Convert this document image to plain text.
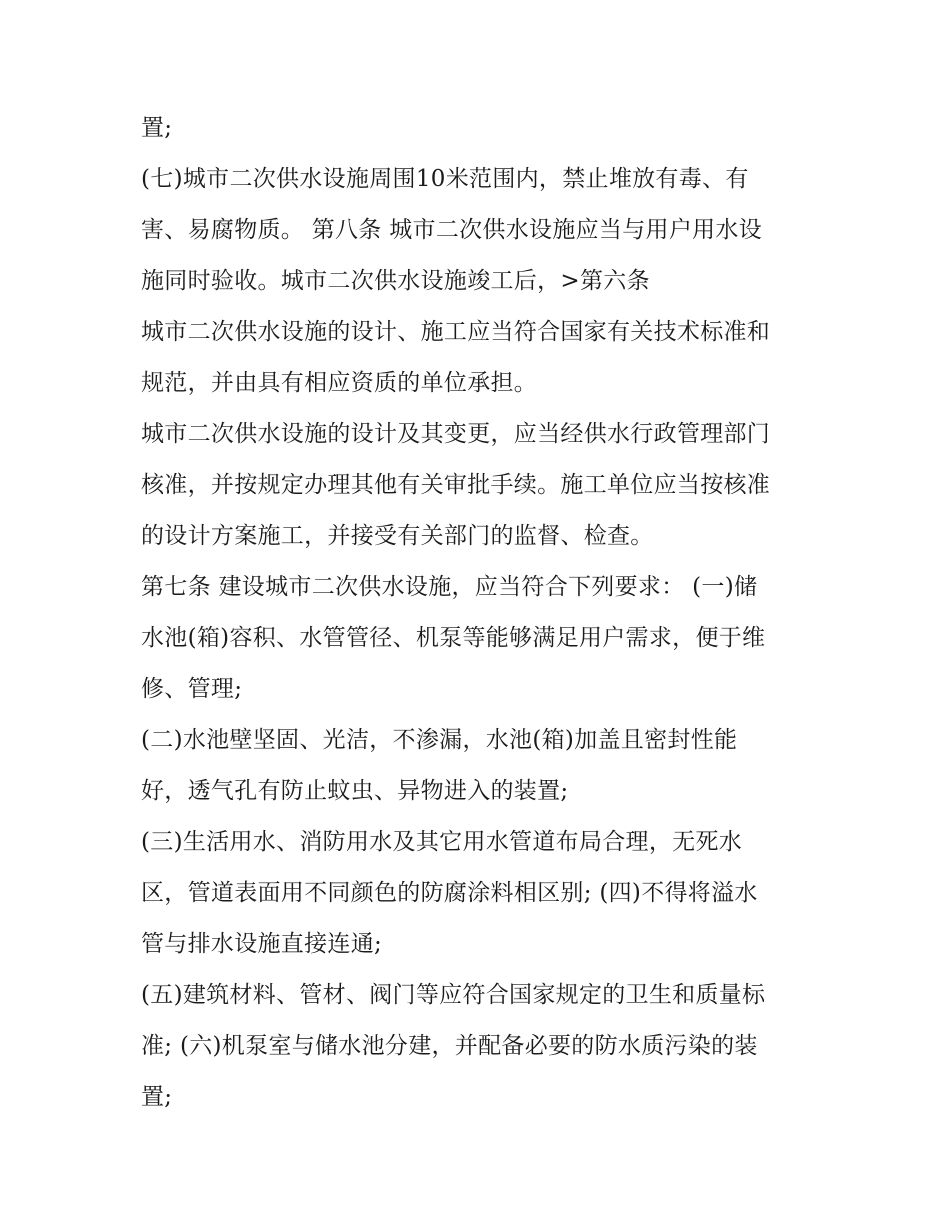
置;
(七)城市二次供水设施周围10米范围内，禁止堆放有毒、有
害、易腐物质。 第八条 城市二次供水设施应当与用户用水设
施同时验收。城市二次供水设施竣工后，>第六条
城市二次供水设施的设计、施工应当符合国家有关技术标准和
规范，并由具有相应资质的单位承担。
城市二次供水设施的设计及其变更，应当经供水行政管理部门
核准，并按规定办理其他有关审批手续。施工单位应当按核准
的设计方案施工，并接受有关部门的监督、检查。
第七条 建设城市二次供水设施，应当符合下列要求： (一)储
水池(箱)容积、水管管径、机泵等能够满足用户需求，便于维
修、管理;
(二)水池壁坚固、光洁，不渗漏，水池(箱)加盖且密封性能
好，透气孔有防止蚊虫、异物进入的装置;
(三)生活用水、消防用水及其它用水管道布局合理，无死水
区，管道表面用不同颜色的防腐涂料相区别; (四)不得将溢水
管与排水设施直接连通;
(五)建筑材料、管材、阀门等应符合国家规定的卫生和质量标
准; (六)机泵室与储水池分建，并配备必要的防水质污染的装
置;
